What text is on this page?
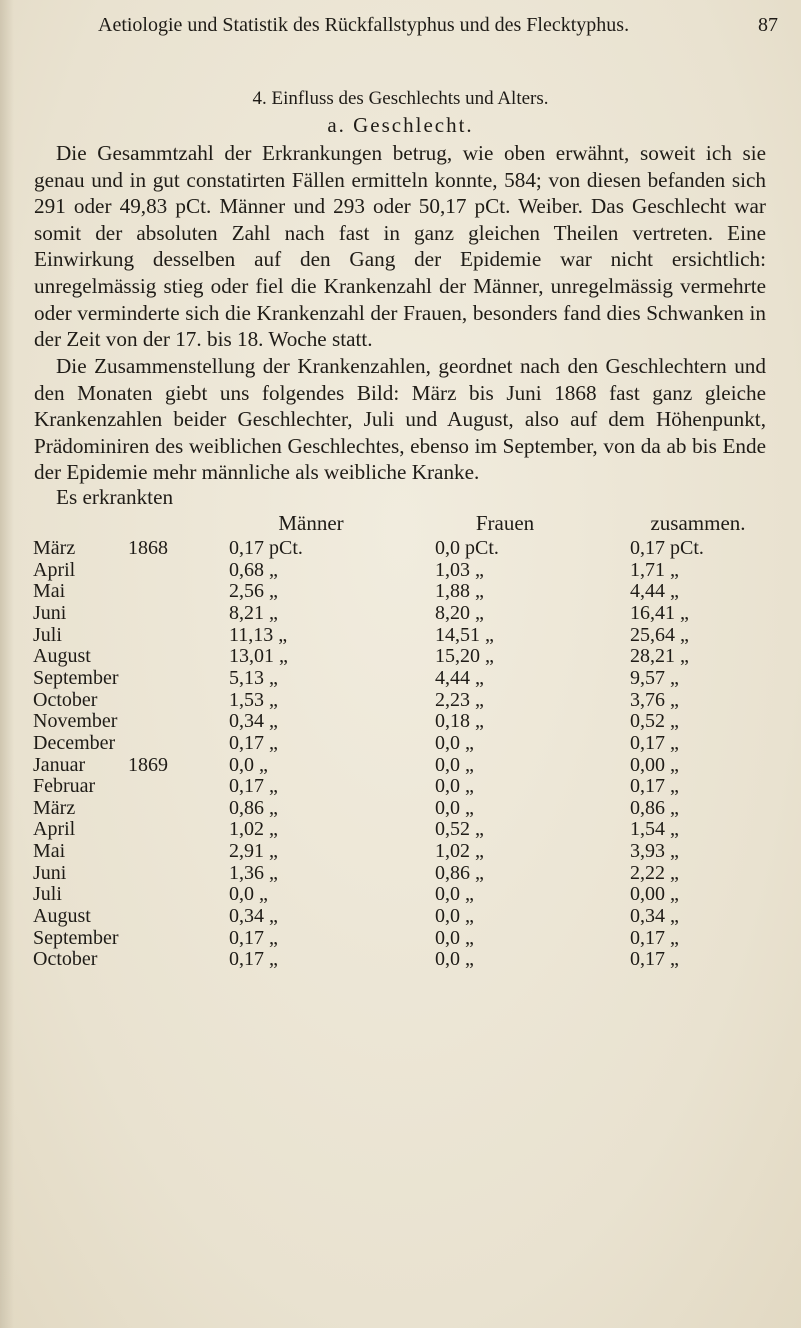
Aetiologie und Statistik des Rückfallstyphus und des Flecktyphus.	87
4. Einfluss des Geschlechts und Alters.
a. Geschlecht.
Die Gesammtzahl der Erkrankungen betrug, wie oben erwähnt, soweit ich sie genau und in gut constatirten Fällen ermitteln konnte, 584; von diesen befanden sich 291 oder 49,83 pCt. Männer und 293 oder 50,17 pCt. Weiber. Das Geschlecht war somit der absoluten Zahl nach fast in ganz gleichen Theilen vertreten. Eine Einwirkung desselben auf den Gang der Epidemie war nicht ersichtlich: unregelmässig stieg oder fiel die Krankenzahl der Männer, unregelmässig vermehrte oder verminderte sich die Krankenzahl der Frauen, besonders fand dies Schwanken in der Zeit von der 17. bis 18. Woche statt.
Die Zusammenstellung der Krankenzahlen, geordnet nach den Geschlechtern und den Monaten giebt uns folgendes Bild: März bis Juni 1868 fast ganz gleiche Krankenzahlen beider Geschlechter, Juli und August, also auf dem Höhenpunkt, Prädominiren des weiblichen Geschlechtes, ebenso im September, von da ab bis Ende der Epidemie mehr männliche als weibliche Kranke.
Es erkrankten
Männer	Frauen	zusammen.
März	1868	0,17 pCt.	0,0 pCt.	0,17 pCt.
April	0,68 „	1,03 „	1,71 „
Mai	2,56 „	1,88 „	4,44 „
Juni	8,21 „	8,20 „	16,41 „
Juli	11,13 „	14,51 „	25,64 „
August	13,01 „	15,20 „	28,21 „
September	5,13 „	4,44 „	9,57 „
October	1,53 „	2,23 „	3,76 „
November	0,34 „	0,18 „	0,52 „
December	0,17 „	0,0 „	0,17 „
Januar 1869	0,0 „	0,0 „	0,00 „
Februar	0,17 „	0,0 „	0,17 „
März	0,86 „	0,0 „	0,86 „
April	1,02 „	0,52 „	1,54 „
Mai	2,91 „	1,02 „	3,93 „
Juni	1,36 „	0,86 „	2,22 „
Juli	0,0 „	0,0 „	0,00 „
August	0,34 „	0,0 „	0,34 „
September	0,17 „	0,0 „	0,17 „
October	0,17 „	0,0 „	0,17 „
